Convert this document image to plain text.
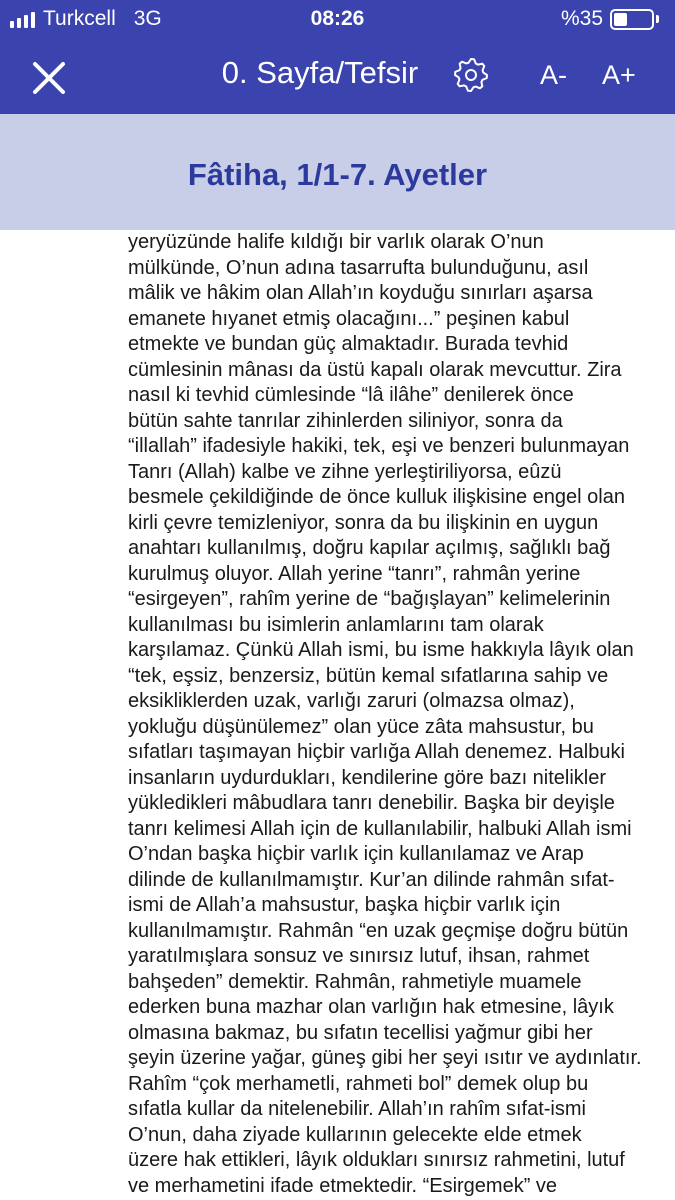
Turkcell 3G	08:26	%35
0. Sayfa/Tefsir	A- A+
Fâtiha, 1/1-7. Ayetler

yeryüzünde halife kıldığı bir varlık olarak O’nun

mülkünde, O’nun adına tasarrufta bulunduğunu, asıl

mâlik ve hâkim olan Allah’ın koyduğu sınırları aşarsa

emanete hıyanet etmiş olacağını...” peşinen kabul

etmekte ve bundan güç almaktadır. Burada tevhid

cümlesinin mânası da üstü kapalı olarak mevcuttur. Zira

nasıl ki tevhid cümlesinde “lâ ilâhe” denilerek önce

bütün sahte tanrılar zihinlerden siliniyor, sonra da

“illallah” ifadesiyle hakiki, tek, eşi ve benzeri bulunmayan

Tanrı (Allah) kalbe ve zihne yerleştiriliyorsa, eûzü

besmele çekildiğinde de önce kulluk ilişkisine engel olan

kirli çevre temizleniyor, sonra da bu ilişkinin en uygun

anahtarı kullanılmış, doğru kapılar açılmış, sağlıklı bağ

kurulmuş oluyor. Allah yerine “tanrı”, rahmân yerine

“esirgeyen”, rahîm yerine de “bağışlayan” kelimelerinin

kullanılması bu isimlerin anlamlarını tam olarak

karşılamaz. Çünkü Allah ismi, bu isme hakkıyla lâyık olan

“tek, eşsiz, benzersiz, bütün kemal sıfatlarına sahip ve

eksikliklerden uzak, varlığı zaruri (olmazsa olmaz),

yokluğu düşünülemez” olan yüce zâta mahsustur, bu

sıfatları taşımayan hiçbir varlığa Allah denemez. Halbuki

insanların uydurdukları, kendilerine göre bazı nitelikler

yükledikleri mâbudlara tanrı denebilir. Başka bir deyişle

tanrı kelimesi Allah için de kullanılabilir, halbuki Allah ismi

O’ndan başka hiçbir varlık için kullanılamaz ve Arap

dilinde de kullanılmamıştır. Kur’an dilinde rahmân sıfat-

ismi de Allah’a mahsustur, başka hiçbir varlık için

kullanılmamıştır. Rahmân “en uzak geçmişe doğru bütün

yaratılmışlara sonsuz ve sınırsız lutuf, ihsan, rahmet

bahşeden” demektir. Rahmân, rahmetiyle muamele

ederken buna mazhar olan varlığın hak etmesine, lâyık

olmasına bakmaz, bu sıfatın tecellisi yağmur gibi her

şeyin üzerine yağar, güneş gibi her şeyi ısıtır ve aydınlatır.

Rahîm “çok merhametli, rahmeti bol” demek olup bu

sıfatla kullar da nitelenebilir. Allah’ın rahîm sıfat-ismi

O’nun, daha ziyade kullarının gelecekte elde etmek

üzere hak ettikleri, lâyık oldukları sınırsız rahmetini, lutuf

ve merhametini ifade etmektedir. “Esirgemek” ve
